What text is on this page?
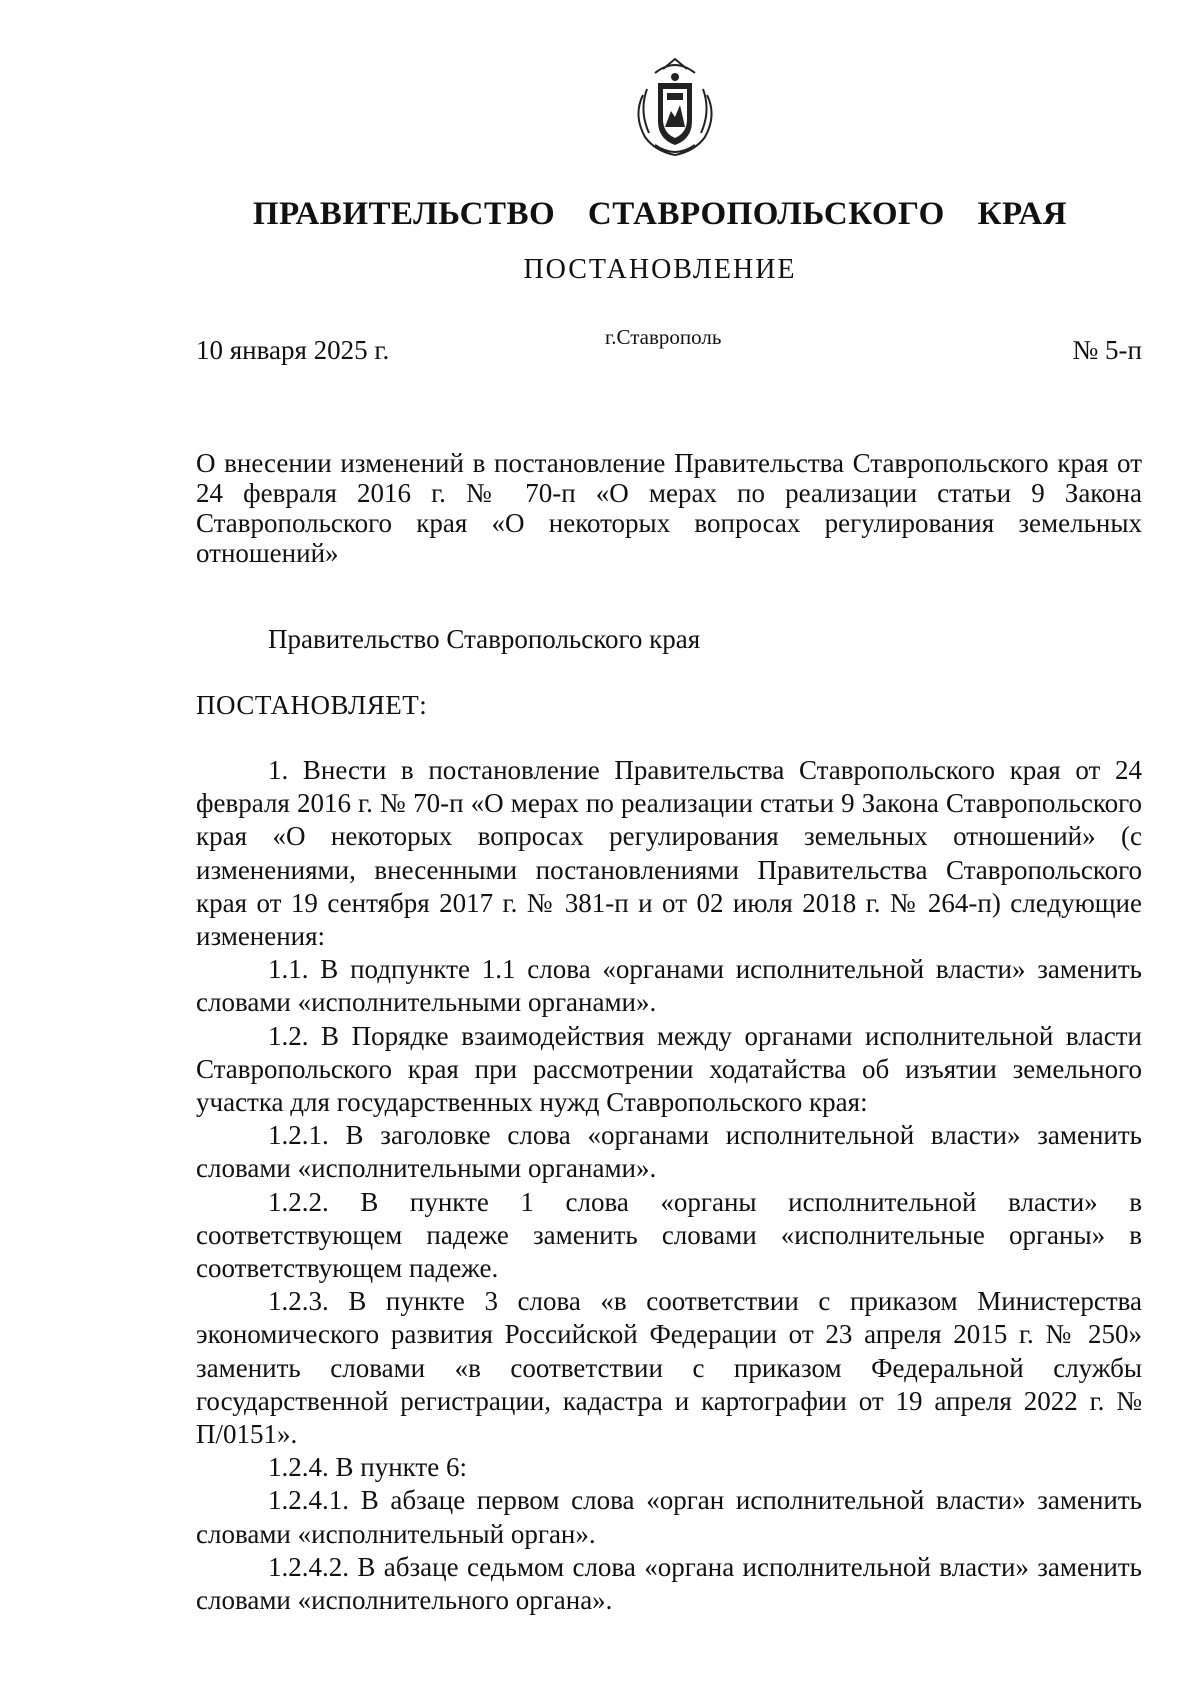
ПРАВИТЕЛЬСТВО СТАВРОПОЛЬСКОГО КРАЯ
ПОСТАНОВЛЕНИЕ
10 января 2025 г.	г.Ставрополь	№ 5-п
О внесении изменений в постановление Правительства Ставропольского края от 24 февраля 2016 г. № 70-п «О мерах по реализации статьи 9 Закона Ставропольского края «О некоторых вопросах регулирования земельных отношений»
Правительство Ставропольского края
ПОСТАНОВЛЯЕТ:

1. Внести в постановление Правительства Ставропольского края от 24 февраля 2016 г. № 70-п «О мерах по реализации статьи 9 Закона Ставропольского края «О некоторых вопросах регулирования земельных отношений» (с изменениями, внесенными постановлениями Правительства Ставропольского края от 19 сентября 2017 г. № 381-п и от 02 июля 2018 г. № 264-п) следующие изменения:

1.1. В подпункте 1.1 слова «органами исполнительной власти» заменить словами «исполнительными органами».

1.2. В Порядке взаимодействия между органами исполнительной власти Ставропольского края при рассмотрении ходатайства об изъятии земельного участка для государственных нужд Ставропольского края:

1.2.1. В заголовке слова «органами исполнительной власти» заменить словами «исполнительными органами».

1.2.2. В пункте 1 слова «органы исполнительной власти» в соответствующем падеже заменить словами «исполнительные органы» в соответствующем падеже.

1.2.3. В пункте 3 слова «в соответствии с приказом Министерства экономического развития Российской Федерации от 23 апреля 2015 г. № 250» заменить словами «в соответствии с приказом Федеральной службы государственной регистрации, кадастра и картографии от 19 апреля 2022 г. № П/0151».

1.2.4. В пункте 6:

1.2.4.1. В абзаце первом слова «орган исполнительной власти» заменить словами «исполнительный орган».

1.2.4.2. В абзаце седьмом слова «органа исполнительной власти» заменить словами «исполнительного органа».
